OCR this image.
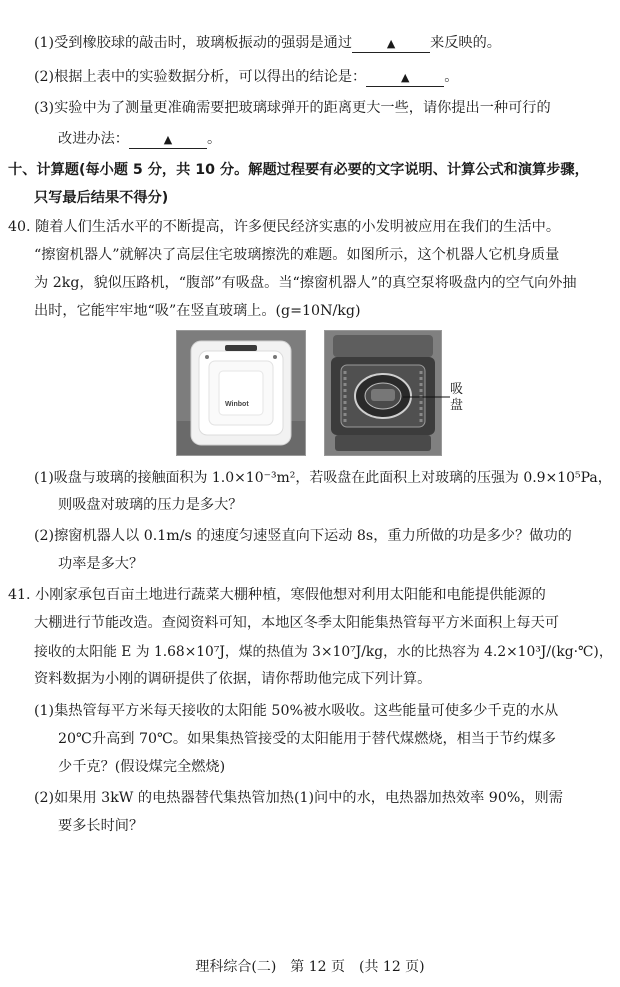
(1)受到橡胶球的敲击时，玻璃板振动的强弱是通过	▲ 来反映的。
(2)根据上表中的实验数据分析，可以得出的结论是：	▲ 。
(3)实验中为了测量更准确需要把玻璃球弹开的距离更大一些，请你提出一种可行的
改进办法：	▲ 。
十、计算题(每小题 5 分，共 10 分。解题过程要有必要的文字说明、计算公式和演算步骤，
只写最后结果不得分)
40. 随着人们生活水平的不断提高，许多便民经济实惠的小发明被应用在我们的生活中。
“擦窗机器人”就解决了高层住宅玻璃擦洗的难题。如图所示，这个机器人它机身质量
为 2kg，貌似压路机，“腹部”有吸盘。当“擦窗机器人”的真空泵将吸盘内的空气向外抽
出时，它能牢牢地“吸”在竖直玻璃上。(g=10N/kg)
Winbot
吸
盘
(1)吸盘与玻璃的接触面积为 1.0×10⁻³m²，若吸盘在此面积上对玻璃的压强为 0.9×10⁵Pa，
则吸盘对玻璃的压力是多大？
(2)擦窗机器人以 0.1m/s 的速度匀速竖直向下运动 8s，重力所做的功是多少？做功的
功率是多大？
41. 小刚家承包百亩土地进行蔬菜大棚种植，寒假他想对利用太阳能和电能提供能源的
大棚进行节能改造。查阅资料可知，本地区冬季太阳能集热管每平方米面积上每天可
接收的太阳能 E 为 1.68×10⁷J，煤的热值为 3×10⁷J/kg，水的比热容为 4.2×10³J/(kg·℃)，
资料数据为小刚的调研提供了依据，请你帮助他完成下列计算。
(1)集热管每平方米每天接收的太阳能 50%被水吸收。这些能量可使多少千克的水从
20℃升高到 70℃。如果集热管接受的太阳能用于替代煤燃烧，相当于节约煤多
少千克？(假设煤完全燃烧)
(2)如果用 3kW 的电热器替代集热管加热(1)问中的水，电热器加热效率 90%，则需
要多长时间？
理科综合(二)　第 12 页　(共 12 页)
